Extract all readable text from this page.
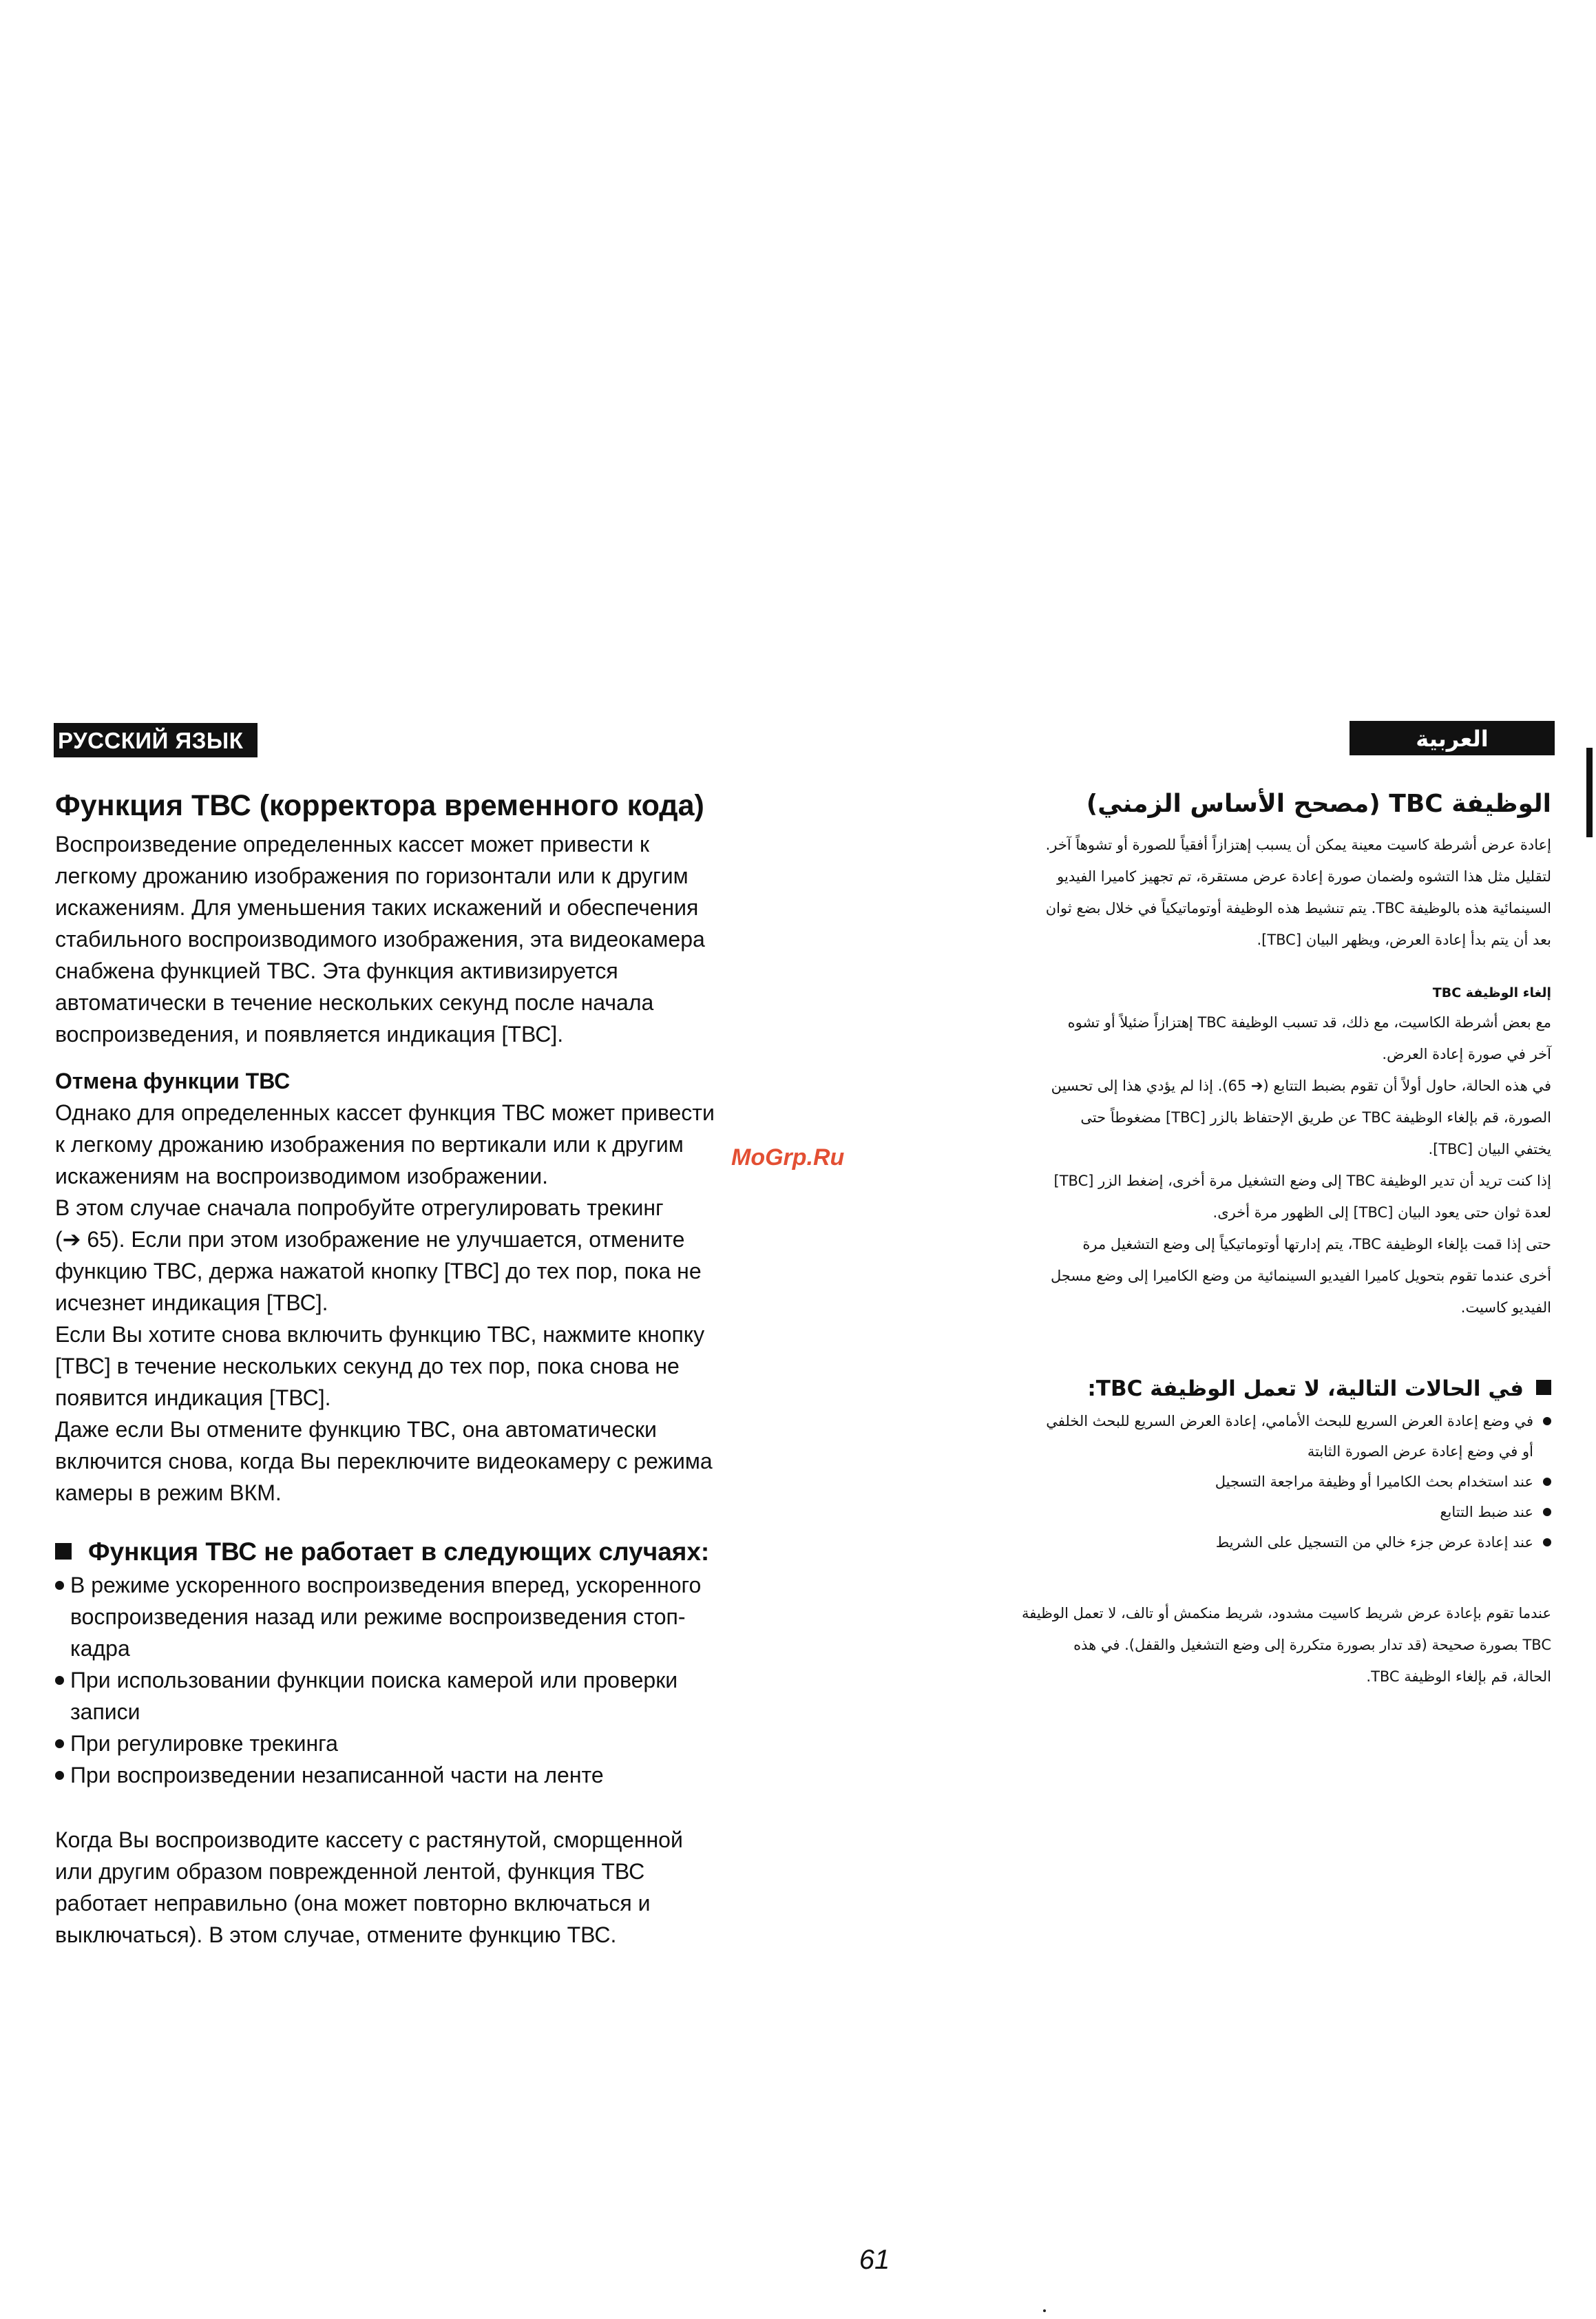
РУССКИЙ ЯЗЫК	العربية
Функция ТВС (корректора временного кода)

Воспроизведение определенных кассет может привести к

легкому дрожанию изображения по горизонтали или к другим

искажениям. Для уменьшения таких искажений и обеспечения

стабильного воспроизводимого изображения, эта видеокамера

снабжена функцией ТВС. Эта функция активизируется

автоматически в течение нескольких секунд после начала

воспроизведения, и появляется индикация [ТВС].

Отмена функции ТВС

Однако для определенных кассет функция ТВС может привести

к легкому дрожанию изображения по вертикали или к другим

искажениям на воспроизводимом изображении.

В этом случае сначала попробуйте отрегулировать трекинг

(➔ 65). Если при этом изображение не улучшается, отмените

функцию ТВС, держа нажатой кнопку [ТВС] до тех пор, пока не

исчезнет индикация [ТВС].

Если Вы хотите снова включить функцию ТВС, нажмите кнопку

[ТВС] в течение нескольких секунд до тех пор, пока снова не

появится индикация [ТВС].

Даже если Вы отмените функцию ТВС, она автоматически

включится снова, когда Вы переключите видеокамеру с режима

камеры в режим ВКМ.

Функция ТВС не работает в следующих случаях:
В режиме ускоренного воспроизведения вперед, ускоренного
воспроизведения назад или режиме воспроизведения стоп-
кадра
При использовании функции поиска камерой или проверки
записи
При регулировке трекинга
При воспроизведении незаписанной части на ленте

Когда Вы воспроизводите кассету с растянутой, сморщенной

или другим образом поврежденной лентой, функция ТВС

работает неправильно (она может повторно включаться и

выключаться). В этом случае, отмените функцию ТВС.

الوظيفة TBC (مصحح الأساس الزمني)

إعادة عرض أشرطة كاسيت معينة يمكن أن يسبب إهتزازاً أفقياً للصورة أو تشوهاً آخر.

لتقليل مثل هذا التشوه ولضمان صورة إعادة عرض مستقرة، تم تجهيز كاميرا الفيديو

السينمائية هذه بالوظيفة TBC. يتم تنشيط هذه الوظيفة أوتوماتيكياً في خلال بضع ثوان

بعد أن يتم بدأ إعادة العرض، ويظهر البيان [TBC].

إلغاء الوظيفة TBC

مع بعض أشرطة الكاسيت، مع ذلك، قد تسبب الوظيفة TBC إهتزازاً ضئيلاً أو تشوه

آخر في صورة إعادة العرض.

في هذه الحالة، حاول أولاً أن تقوم بضبط التتابع (➔ 65). إذا لم يؤدي هذا إلى تحسين

الصورة، قم بإلغاء الوظيفة TBC عن طريق الإحتفاظ بالزر [TBC] مضغوطاً حتى

يختفي البيان [TBC].

إذا كنت تريد أن تدير الوظيفة TBC إلى وضع التشغيل مرة أخرى، إضغط الزر [TBC]

لعدة ثوان حتى يعود البيان [TBC] إلى الظهور مرة أخرى.

حتى إذا قمت بإلغاء الوظيفة TBC، يتم إدارتها أوتوماتيكياً إلى وضع التشغيل مرة

أخرى عندما تقوم بتحويل كاميرا الفيديو السينمائية من وضع الكاميرا إلى وضع مسجل

الفيديو كاسيت.

في الحالات التالية، لا تعمل الوظيفة TBC:
في وضع إعادة العرض السريع للبحث الأمامي، إعادة العرض السريع للبحث الخلفي
أو في وضع إعادة عرض الصورة الثابتة
عند استخدام بحث الكاميرا أو وظيفة مراجعة التسجيل
عند ضبط التتابع
عند إعادة عرض جزء خالي من التسجيل على الشريط

عندما تقوم بإعادة عرض شريط كاسيت مشدود، شريط منكمش أو تالف، لا تعمل الوظيفة

TBC بصورة صحيحة (قد تدار بصورة متكررة إلى وضع التشغيل والقفل). في هذه

الحالة، قم بإلغاء الوظيفة TBC.

MoGrp.Ru
61
